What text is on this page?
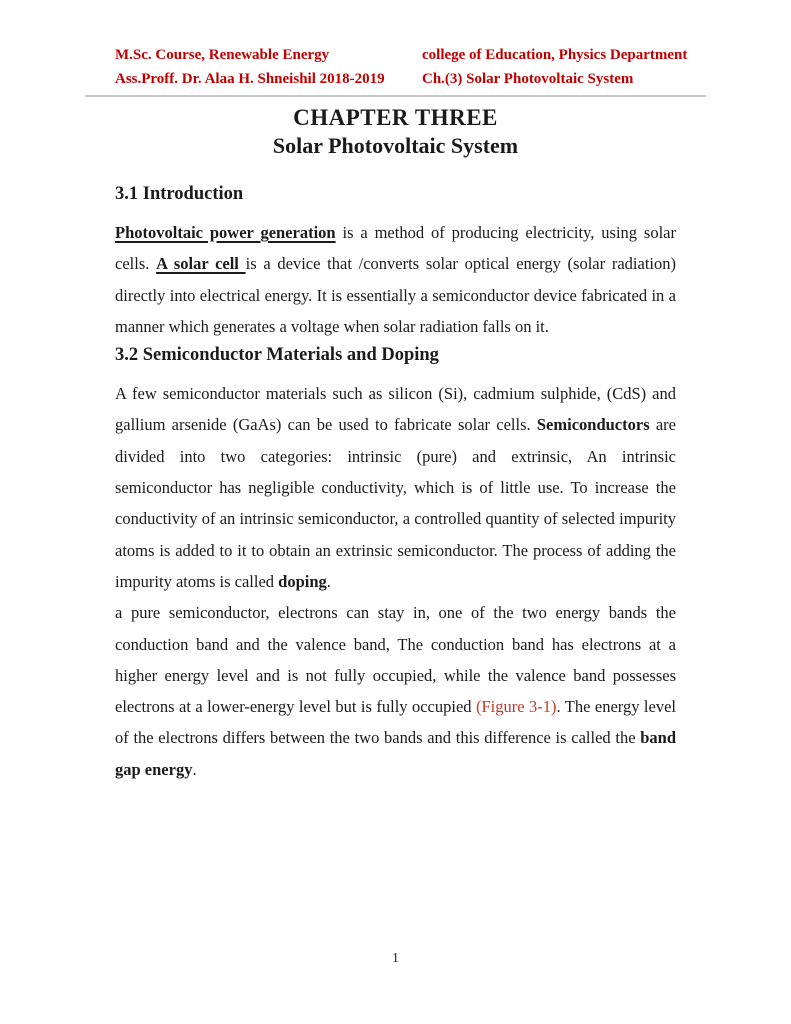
M.Sc. Course, Renewable Energy
Ass.Proff. Dr. Alaa H. Shneishil 2018-2019
college of Education, Physics Department
Ch.(3) Solar Photovoltaic System
CHAPTER THREE
Solar Photovoltaic System
3.1 Introduction

Photovoltaic power generation is a method of producing electricity, using solar cells. A solar cell is a device that /converts solar optical energy (solar radiation) directly into electrical energy. It is essentially a semiconductor device fabricated in a manner which generates a voltage when solar radiation falls on it.

3.2 Semiconductor Materials and Doping

A few semiconductor materials such as silicon (Si), cadmium sulphide, (CdS) and gallium arsenide (GaAs) can be used to fabricate solar cells. Semiconductors are divided into two categories: intrinsic (pure) and extrinsic, An intrinsic semiconductor has negligible conductivity, which is of little use. To increase the conductivity of an intrinsic semiconductor, a controlled quantity of selected impurity atoms is added to it to obtain an extrinsic semiconductor. The process of adding the impurity atoms is called doping.

a pure semiconductor, electrons can stay in, one of the two energy bands the conduction band and the valence band, The conduction band has electrons at a higher energy level and is not fully occupied, while the valence band possesses electrons at a lower-energy level but is fully occupied (Figure 3-1). The energy level of the electrons differs between the two bands and this difference is called the band gap energy.

1
